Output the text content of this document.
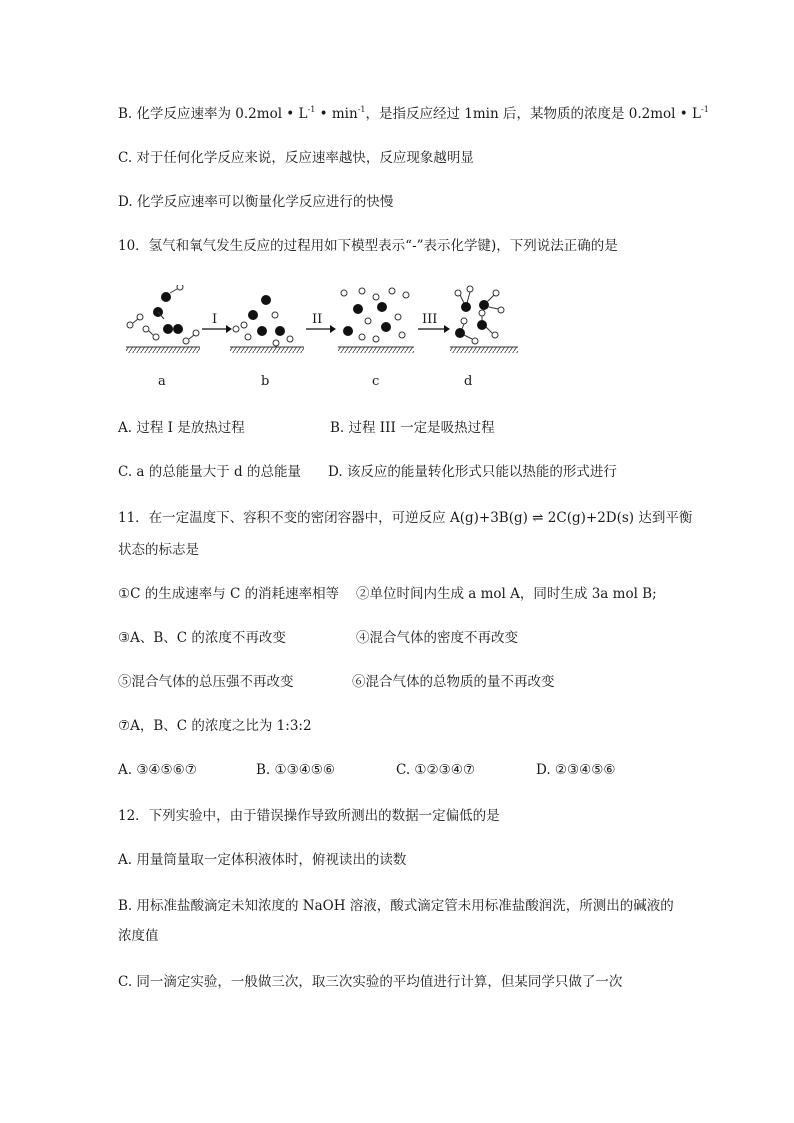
B. 化学反应速率为 0.2mol • $L^{-1}$ • $\min^{-1}$，是指反应经过 1min 后，某物质的浓度是 0.2mol • $L^{-1}$
C. 对于任何化学反应来说，反应速率越快，反应现象越明显
D. 化学反应速率可以衡量化学反应进行的快慢
10．氢气和氧气发生反应的过程用如下模型表示“-”表示化学键)，下列说法正确的是
a
I
b
II
c
III
d
A. 过程 I 是放热过程	B. 过程 III 一定是吸热过程
C. a 的总能量大于 d 的总能量 D. 该反应的能量转化形式只能以热能的形式进行
11．在一定温度下、容积不变的密闭容器中，可逆反应 A(g)+3B(g) ⇌ 2C(g)+2D(s) 达到平衡
状态的标志是
①C 的生成速率与 C 的消耗速率相等 ②单位时间内生成 a mol A，同时生成 3a mol B;
③A、B、C 的浓度不再改变	④混合气体的密度不再改变
⑤混合气体的总压强不再改变	⑥混合气体的总物质的量不再改变
⑦A，B、C 的浓度之比为 1:3:2
A. ③④⑤⑥⑦	B. ①③④⑤⑥	C. ①②③④⑦	D. ②③④⑤⑥
12．下列实验中，由于错误操作导致所测出的数据一定偏低的是
A. 用量筒量取一定体积液体时，俯视读出的读数
B. 用标准盐酸滴定未知浓度的 NaOH 溶液，酸式滴定管未用标准盐酸润洗，所测出的碱液的
浓度值
C. 同一滴定实验，一般做三次，取三次实验的平均值进行计算，但某同学只做了一次
